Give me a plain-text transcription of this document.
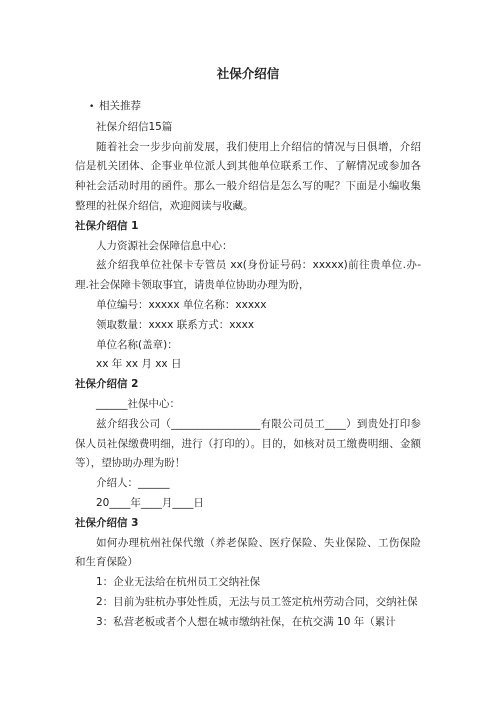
社保介绍信
• 相关推荐
社保介绍信15篇
随着社会一步步向前发展，我们使用上介绍信的情况与日俱增，介绍信是机关团体、企事业单位派人到其他单位联系工作、了解情况或参加各种社会活动时用的函件。那么一般介绍信是怎么写的呢？下面是小编收集整理的社保介绍信，欢迎阅读与收藏。
社保介绍信 1
人力资源社会保障信息中心：
兹介绍我单位社保卡专管员 xx(身份证号码：xxxxx)前往贵单位.办-理.社会保障卡领取事宜，请贵单位协助办理为盼，
单位编号：xxxxx 单位名称：xxxxx
领取数量：xxxx 联系方式：xxxx
单位名称(盖章)：
xx 年 xx 月 xx 日
社保介绍信 2
______社保中心：
兹介绍我公司（_________________有限公司员工____）到贵处打印参保人员社保缴费明细，进行（打印的）。目的，如核对员工缴费明细、金额等），望协助办理为盼！
介绍人：______
20____年____月____日
社保介绍信 3
如何办理杭州社保代缴（养老保险、医疗保险、失业保险、工伤保险和生育保险）
1：企业无法给在杭州员工交纳社保
2：目前为驻杭办事处性质，无法与员工签定杭州劳动合同，交纳社保
3：私营老板或者个人想在城市缴纳社保，在杭交满 10 年（累计
